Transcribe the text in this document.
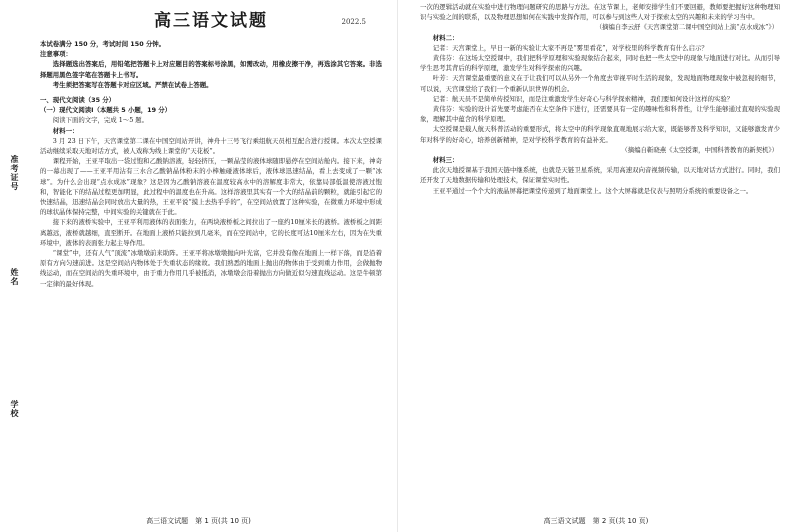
准考证号
姓名
学校
高三语文试题	2022.5

本试卷满分 150 分，考试时间 150 分钟。

注意事项：

选择题选出答案后，用铅笔把答题卡上对应题目的答案标号涂黑，如需改动，用橡皮擦干净，再选涂其它答案。非选择题用黑色签字笔在答题卡上书写。

考生须把答案写在答题卡对应区域。严禁在试卷上答题。

一、现代文阅读（35 分）

（一）现代文阅读Ⅰ（本题共 5 小题，19 分）

阅读下面的文字，完成 1～5 题。

材料一：

3 月 23 日下午，天宫课堂第二课在中国空间站开讲，神舟十三号飞行乘组航天员相互配合进行授课。本次太空授课活动继续采取天地对话方式，被人戏称为线上课堂的“天花板”。

课程开始，王亚平取出一袋过饱和乙酸钠溶液，轻轻挤压，一颗晶莹的液体球随即悬停在空间站舱内。接下来，神奇的一幕出现了——王亚平用沾有三水合乙酸钠晶体粉末的小棒触碰液体球后，液体球迅速结晶，看上去变成了一颗“冰球”。为什么会出现“点水成冰”现象？这是因为乙酸钠溶液在温度较高水中的溶解度非常大，依靠局部低温使溶液过饱和，智能化下的结晶过程更加明显，此过程中的温度也在升高。这样溶液里其实有一个大的结晶前的颗粒，就能引起它的快速结晶，迅速结晶会同时放出大量的热，王亚平说“摸上去热乎乎的”，在空间站放置了这种实验，在微重力环境中形成的球状晶体保持完整，中间实验的关键就在于此。

接下来的液桥实验中，王亚平利用液体的表面张力，在两块液桥板之间拉出了一座约10厘米长的液桥。液桥板之间距离越远，液桥就越细，直至断开。在地面上液桥只能拉到几毫米，而在空间站中，它的长度可达10厘米左右，因为在失重环境中，液体的表面张力起主导作用。

“课堂”中，还有人气“顶流”冰墩墩前来助阵。王亚平将冰墩墩抛向叶光富，它并没有像在地面上一样下落，而是沿着原有方向匀速前进。这是空间站内物体处于失重状态的缘故。我们熟悉的地面上抛出的物体由于受到重力作用，会做抛物线运动，而在空间站的失重环境中，由于重力作用几乎被抵消，冰墩墩会沿着抛出方向做近似匀速直线运动。这是牛顿第一定律的最好体现。

高三语文试题　第 1 页(共 10 页)

一次的逻辑活动就在实验中进行物理问题研究的思路与方法。在这节课上，老师安排学生们不要回避，教师要把握好这种物理知识与实验之间的联系，以及物理思想如何在实践中发挥作用，可以参与到这些人对于探索太空的兴趣和未来的学习当中。

（摘编自李云舒《天宫课堂第二课中国空间站上演“点水成冰”》）

材料二：

记者：天宫课堂上，早日一新的实验让大家不再是“雾里看花”，对学校里的科学教育有什么启示？

黄伟芬：在这场太空授课中，我们把科学原理和实验现象结合起来，同时也把一些太空中的现象与地面进行对比。从而引导学生思考其背后的科学原理，激发学生对科学探索的兴趣。

叶芳：天宫课堂最重要的意义在于让我们可以从另外一个角度去审视平时生活的现象，发现地面物理现象中被忽视的细节，可以说，天宫课堂给了我们一个重新认识世界的机会。

记者：航天员不是简单传授知识，而是注重激发学生好奇心与科学探索精神，我们要如何设计这样的实验？

黄伟芬：实验的设计首先要考虑能否在太空条件下进行，还需要具有一定的趣味性和科普性，让学生能够通过直观的实验现象，理解其中蕴含的科学原理。

太空授课是载人航天科普活动的重要形式，将太空中的科学现象直观地展示给大家，既能够普及科学知识，又能够激发青少年对科学的好奇心，培养创新精神，是对学校科学教育的有益补充。

（摘编自靳晓燕《太空授课，中国科普教育的新契机》）

材料三：

此次天地授课基于我国天链中继系统，也就是天链卫星系统，采用高速双向音视频传输，以天地对话方式进行。同时，我们还开发了天地数据传输和处理技术，保证课堂实时性。

王亚平通过一个个大的液晶屏幕把课堂传递到了地面课堂上。这个大屏幕就是仪表与照明分系统的重要设备之一。

高三语文试题　第 2 页(共 10 页)
